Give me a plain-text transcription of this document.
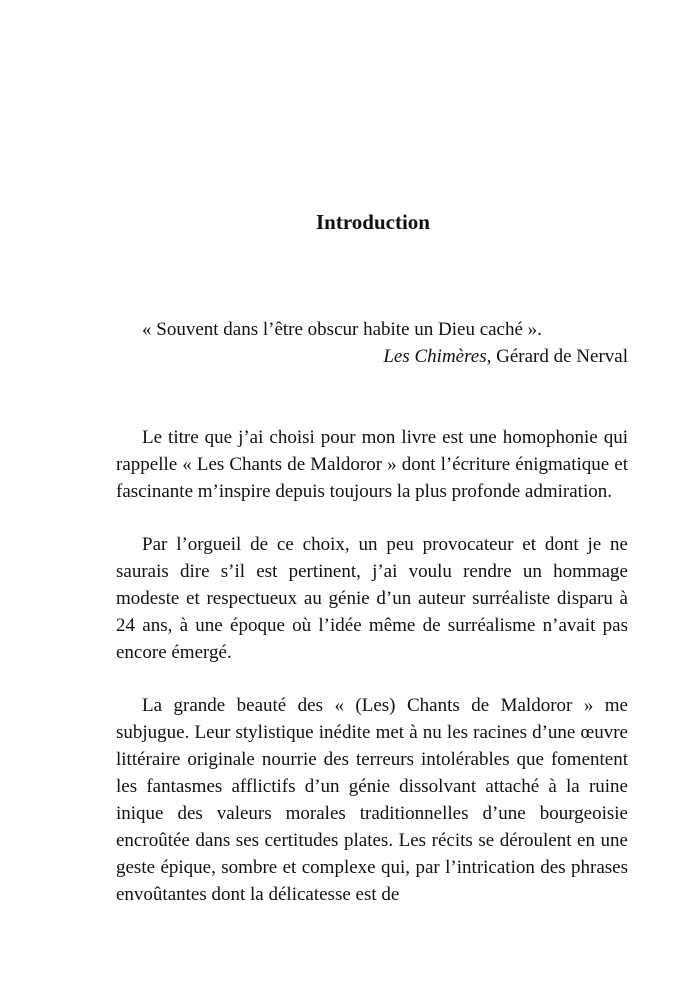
Introduction

« Souvent dans l’être obscur habite un Dieu caché ».

Les Chimères, Gérard de Nerval

Le titre que j’ai choisi pour mon livre est une homophonie qui rappelle « Les Chants de Maldoror » dont l’écriture énigmatique et fascinante m’inspire depuis toujours la plus profonde admiration.

Par l’orgueil de ce choix, un peu provocateur et dont je ne saurais dire s’il est pertinent, j’ai voulu rendre un hommage modeste et respectueux au génie d’un auteur surréaliste disparu à 24 ans, à une époque où l’idée même de surréalisme n’avait pas encore émergé.

La grande beauté des « (Les) Chants de Maldoror » me subjugue. Leur stylistique inédite met à nu les racines d’une œuvre littéraire originale nourrie des terreurs intolérables que fomentent les fantasmes afflictifs d’un génie dissolvant attaché à la ruine inique des valeurs morales traditionnelles d’une bourgeoisie encroûtée dans ses certitudes plates. Les récits se déroulent en une geste épique, sombre et complexe qui, par l’intrication des phrases envoûtantes dont la délicatesse est de
